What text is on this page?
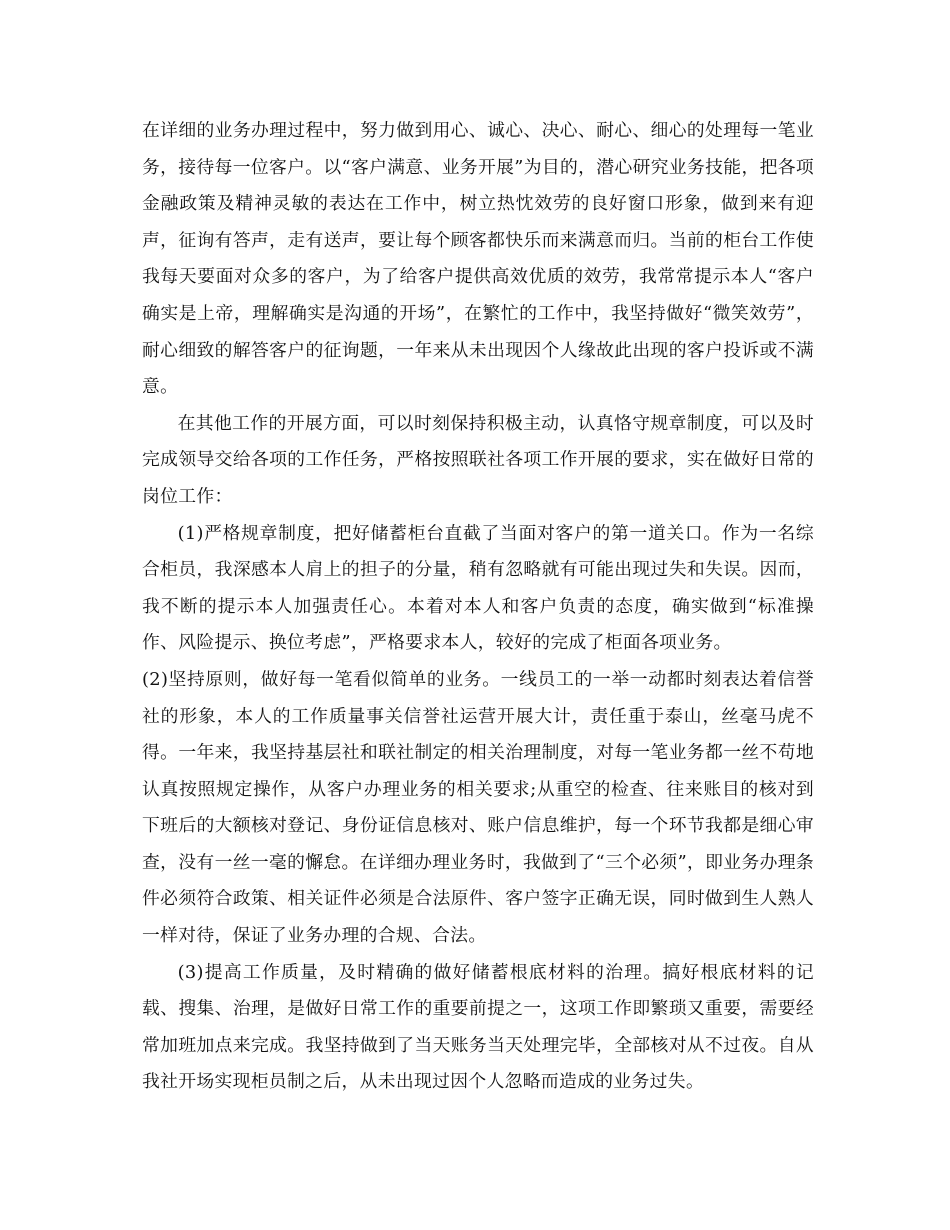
在详细的业务办理过程中，努力做到用心、诚心、决心、耐心、细心的处理每一笔业务，接待每一位客户。以“客户满意、业务开展”为目的，潜心研究业务技能，把各项金融政策及精神灵敏的表达在工作中，树立热忱效劳的良好窗口形象，做到来有迎声，征询有答声，走有送声，要让每个顾客都快乐而来满意而归。当前的柜台工作使我每天要面对众多的客户，为了给客户提供高效优质的效劳，我常常提示本人“客户确实是上帝，理解确实是沟通的开场”，在繁忙的工作中，我坚持做好“微笑效劳”，耐心细致的解答客户的征询题，一年来从未出现因个人缘故此出现的客户投诉或不满意。

在其他工作的开展方面，可以时刻保持积极主动，认真恪守规章制度，可以及时完成领导交给各项的工作任务，严格按照联社各项工作开展的要求，实在做好日常的岗位工作：

(1)严格规章制度，把好储蓄柜台直截了当面对客户的第一道关口。作为一名综合柜员，我深感本人肩上的担子的分量，稍有忽略就有可能出现过失和失误。因而，我不断的提示本人加强责任心。本着对本人和客户负责的态度，确实做到“标准操作、风险提示、换位考虑”，严格要求本人，较好的完成了柜面各项业务。

(2)坚持原则，做好每一笔看似简单的业务。一线员工的一举一动都时刻表达着信誉社的形象，本人的工作质量事关信誉社运营开展大计，责任重于泰山，丝毫马虎不得。一年来，我坚持基层社和联社制定的相关治理制度，对每一笔业务都一丝不苟地认真按照规定操作，从客户办理业务的相关要求;从重空的检查、往来账目的核对到下班后的大额核对登记、身份证信息核对、账户信息维护，每一个环节我都是细心审查，没有一丝一毫的懈怠。在详细办理业务时，我做到了“三个必须”，即业务办理条件必须符合政策、相关证件必须是合法原件、客户签字正确无误，同时做到生人熟人一样对待，保证了业务办理的合规、合法。

(3)提高工作质量，及时精确的做好储蓄根底材料的治理。搞好根底材料的记载、搜集、治理，是做好日常工作的重要前提之一，这项工作即繁琐又重要，需要经常加班加点来完成。我坚持做到了当天账务当天处理完毕，全部核对从不过夜。自从我社开场实现柜员制之后，从未出现过因个人忽略而造成的业务过失。
